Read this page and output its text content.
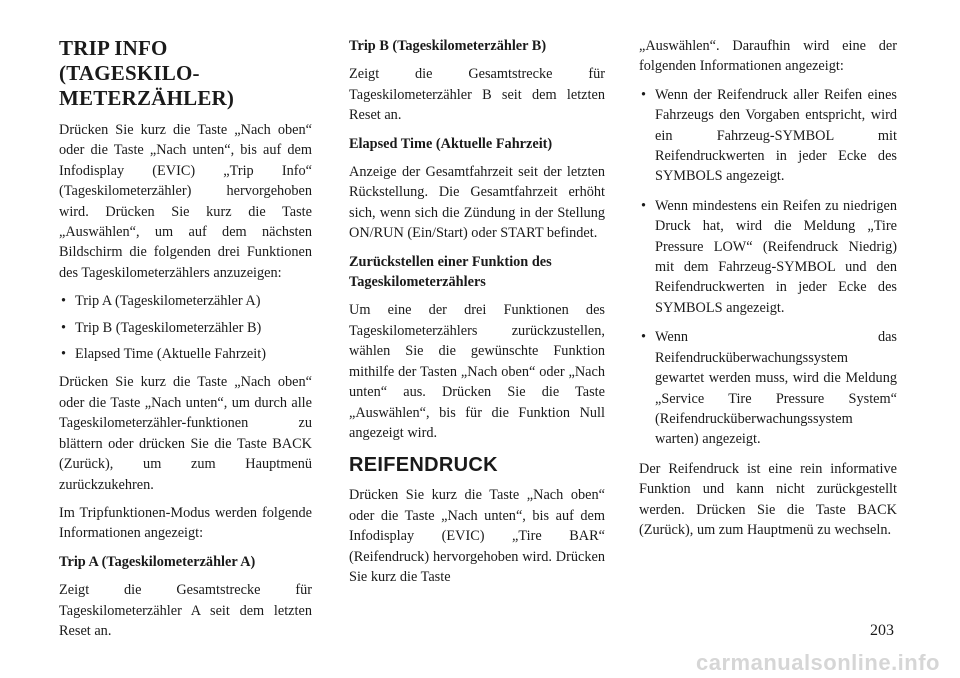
TRIP INFO (TAGESKILO-METERZÄHLER)
Drücken Sie kurz die Taste „Nach oben“ oder die Taste „Nach unten“, bis auf dem Infodisplay (EVIC) „Trip Info“ (Tageskilometerzähler) hervorgehoben wird. Drücken Sie kurz die Taste „Auswählen“, um auf dem nächsten Bildschirm die folgenden drei Funktionen des Tageskilometerzählers anzuzeigen:
• Trip A (Tageskilometerzähler A)
• Trip B (Tageskilometerzähler B)
• Elapsed Time (Aktuelle Fahrzeit)
Drücken Sie kurz die Taste „Nach oben“ oder die Taste „Nach unten“, um durch alle Tageskilometerzähler-funktionen zu blättern oder drücken Sie die Taste BACK (Zurück), um zum Hauptmenü zurückzukehren.
Im Tripfunktionen-Modus werden folgende Informationen angezeigt:
Trip A (Tageskilometerzähler A)
Zeigt die Gesamtstrecke für Tageskilometerzähler A seit dem letzten Reset an.
Trip B (Tageskilometerzähler B)
Zeigt die Gesamtstrecke für Tageskilometerzähler B seit dem letzten Reset an.
Elapsed Time (Aktuelle Fahrzeit)
Anzeige der Gesamtfahrzeit seit der letzten Rückstellung. Die Gesamtfahrzeit erhöht sich, wenn sich die Zündung in der Stellung ON/RUN (Ein/Start) oder START befindet.
Zurückstellen einer Funktion des Tageskilometerzählers
Um eine der drei Funktionen des Tageskilometerzählers zurückzustellen, wählen Sie die gewünschte Funktion mithilfe der Tasten „Nach oben“ oder „Nach unten“ aus. Drücken Sie die Taste „Auswählen“, bis für die Funktion Null angezeigt wird.
REIFENDRUCK
Drücken Sie kurz die Taste „Nach oben“ oder die Taste „Nach unten“, bis auf dem Infodisplay (EVIC) „Tire BAR“ (Reifendruck) hervorgehoben wird. Drücken Sie kurz die Taste
„Auswählen“. Daraufhin wird eine der folgenden Informationen angezeigt:
• Wenn der Reifendruck aller Reifen eines Fahrzeugs den Vorgaben entspricht, wird ein Fahrzeug-SYMBOL mit Reifendruckwerten in jeder Ecke des SYMBOLS angezeigt.
• Wenn mindestens ein Reifen zu niedrigen Druck hat, wird die Meldung „Tire Pressure LOW“ (Reifendruck Niedrig) mit dem Fahrzeug-SYMBOL und den Reifendruckwerten in jeder Ecke des SYMBOLS angezeigt.
• Wenn das Reifendrucküberwachungssystem gewartet werden muss, wird die Meldung „Service Tire Pressure System“ (Reifendrucküberwachungssystem warten) angezeigt.
Der Reifendruck ist eine rein informative Funktion und kann nicht zurückgestellt werden. Drücken Sie die Taste BACK (Zurück), um zum Hauptmenü zu wechseln.
203
carmanualsonline.info
